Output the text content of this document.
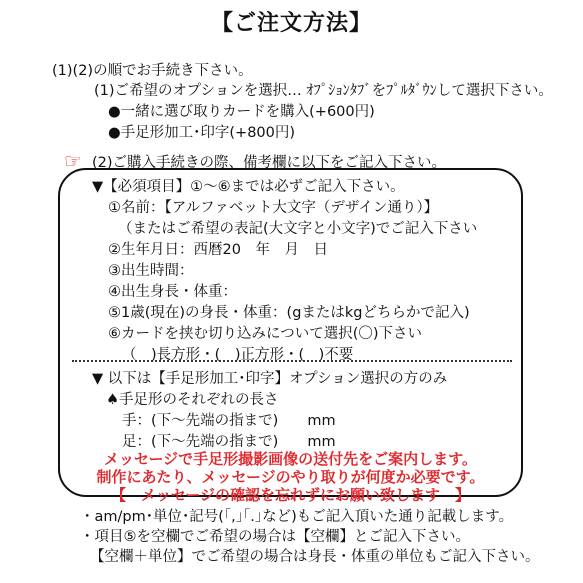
【ご注文方法】
(1)(2)の順でお手続き下さい。
(1)ご希望のオプションを選択… ｵﾌﾟｼｮﾝﾀﾌﾞをﾌﾟﾙﾀﾞｳﾝして選択下さい。
●一緒に選び取りカードを購入(+600円)
●手足形加工･印字(+800円)
☞ (2)ご購入手続きの際、備考欄に以下をご記入下さい。
▼【必須項目】①～⑥までは必ずご記入下さい。
①名前：【アルファベット大文字（デザイン通り）】
（またはご希望の表記(大文字と小文字)でご記入下さい
②生年月日：西暦20　年　月　日
③出生時間：
④出生身長・体重：
⑤1歳(現在)の身長・体重：(gまたはkgどちらかで記入)
⑥カードを挟む切り込みについて選択(〇)下さい
（　)長方形・(　)正方形・(　)不要
▼ 以下は【手足形加工･印字】オプション選択の方のみ
♠手足形のそれぞれの長さ
手：(下～先端の指まで)　　mm
足：(下～先端の指まで)　　mm
メッセージで手足形撮影画像の送付先をご案内します。
制作にあたり、メッセージのやり取りが何度か必要です。
【　メッセージの確認を忘れずにお願い致します　】
・am/pm･単位･記号(｢,｣｢.｣など)もご記入頂いた通り記載します。
・項目⑤を空欄でご希望の場合は【空欄】とご記入下さい。
【空欄＋単位】でご希望の場合は身長・体重の単位もご記入下さい。
